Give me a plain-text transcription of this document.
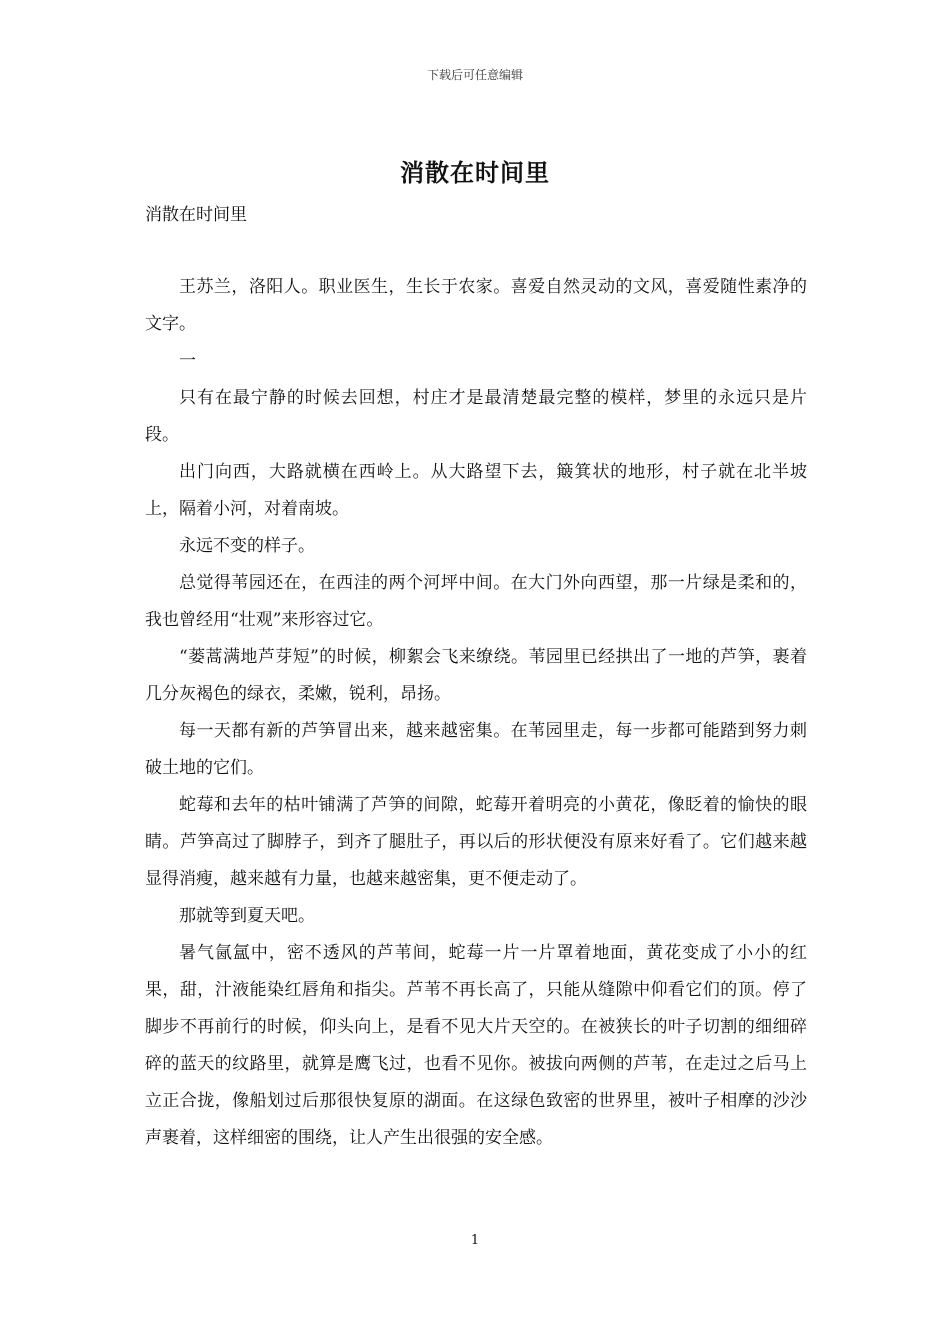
下载后可任意编辑
消散在时间里
消散在时间里

王苏兰，洛阳人。职业医生，生长于农家。喜爱自然灵动的文风，喜爱随性素净的文字。

一

只有在最宁静的时候去回想，村庄才是最清楚最完整的模样，梦里的永远只是片段。

出门向西，大路就横在西岭上。从大路望下去，簸箕状的地形，村子就在北半坡上，隔着小河，对着南坡。

永远不变的样子。

总觉得苇园还在，在西洼的两个河坪中间。在大门外向西望，那一片绿是柔和的，我也曾经用“壮观”来形容过它。

“蒌蒿满地芦芽短”的时候，柳絮会飞来缭绕。苇园里已经拱出了一地的芦笋，裹着几分灰褐色的绿衣，柔嫩，锐利，昂扬。

每一天都有新的芦笋冒出来，越来越密集。在苇园里走，每一步都可能踏到努力刺破土地的它们。

蛇莓和去年的枯叶铺满了芦笋的间隙，蛇莓开着明亮的小黄花，像眨着的愉快的眼睛。芦笋高过了脚脖子，到齐了腿肚子，再以后的形状便没有原来好看了。它们越来越显得消瘦，越来越有力量，也越来越密集，更不便走动了。

那就等到夏天吧。

暑气氤氲中，密不透风的芦苇间，蛇莓一片一片罩着地面，黄花变成了小小的红果，甜，汁液能染红唇角和指尖。芦苇不再长高了，只能从缝隙中仰看它们的顶。停了脚步不再前行的时候，仰头向上，是看不见大片天空的。在被狭长的叶子切割的细细碎碎的蓝天的纹路里，就算是鹰飞过，也看不见你。被拔向两侧的芦苇，在走过之后马上立正合拢，像船划过后那很快复原的湖面。在这绿色致密的世界里，被叶子相摩的沙沙声裹着，这样细密的围绕，让人产生出很强的安全感。

1
